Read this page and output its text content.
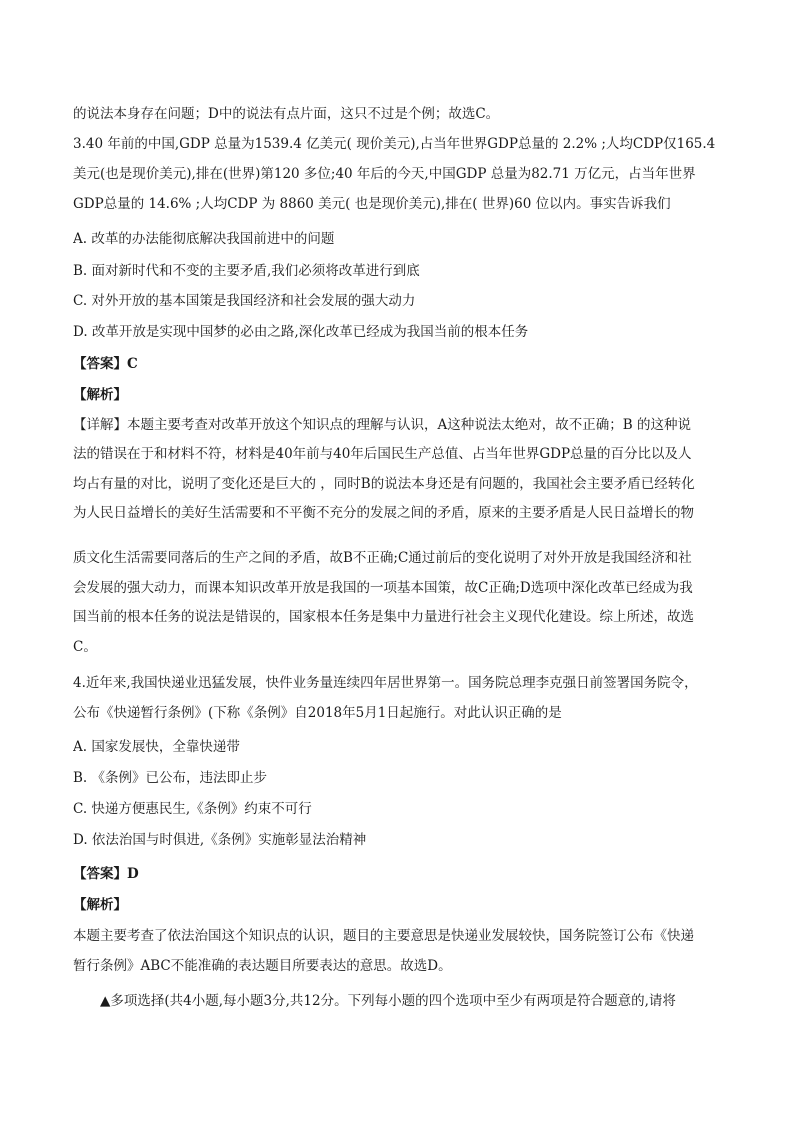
的说法本身存在问题；D中的说法有点片面，这只不过是个例；故选C。
3.40 年前的中国,GDP 总量为1539.4 亿美元( 现价美元),占当年世界GDP总量的 2.2% ;人均CDP仅165.4
美元(也是现价美元),排在(世界)第120 多位;40 年后的今天,中国GDP 总量为82.71 万亿元，占当年世界
GDP总量的 14.6% ;人均CDP 为 8860 美元( 也是现价美元),排在( 世界)60 位以内。事实告诉我们
A. 改革的办法能彻底解决我国前进中的问题
B. 面对新时代和不变的主要矛盾,我们必须将改革进行到底
C. 对外开放的基本国策是我国经济和社会发展的强大动力
D. 改革开放是实现中国梦的必由之路,深化改革已经成为我国当前的根本任务
【答案】C
【解析】
【详解】本题主要考查对改革开放这个知识点的理解与认识，A这种说法太绝对，故不正确；B 的这种说
法的错误在于和材料不符，材料是40年前与40年后国民生产总值、占当年世界GDP总量的百分比以及人
均占有量的对比，说明了变化还是巨大的 ，同时B的说法本身还是有问题的，我国社会主要矛盾已经转化
为人民日益增长的美好生活需要和不平衡不充分的发展之间的矛盾，原来的主要矛盾是人民日益增长的物
质文化生活需要同落后的生产之间的矛盾，故B不正确;C通过前后的变化说明了对外开放是我国经济和社
会发展的强大动力，而课本知识改革开放是我国的一项基本国策，故C正确;D选项中深化改革已经成为我
国当前的根本任务的说法是错误的，国家根本任务是集中力量进行社会主义现代化建设。综上所述，故选
C。
4.近年来,我国快递业迅猛发展，快件业务量连续四年居世界第一。国务院总理李克强日前签署国务院令，
公布《快递暂行条例》(下称《条例》自2018年5月1日起施行。对此认识正确的是
A. 国家发展快，全靠快递带
B. 《条例》已公布，违法即止步
C. 快递方便惠民生,《条例》约束不可行
D. 依法治国与时俱进,《条例》实施彰显法治精神
【答案】D
【解析】
本题主要考查了依法治国这个知识点的认识，题目的主要意思是快递业发展较快，国务院签订公布《快递
暂行条例》ABC不能准确的表达题目所要表达的意思。故选D。
▲多项选择(共4小题,每小题3分,共12分。下列每小题的四个选项中至少有两项是符合题意的,请将
